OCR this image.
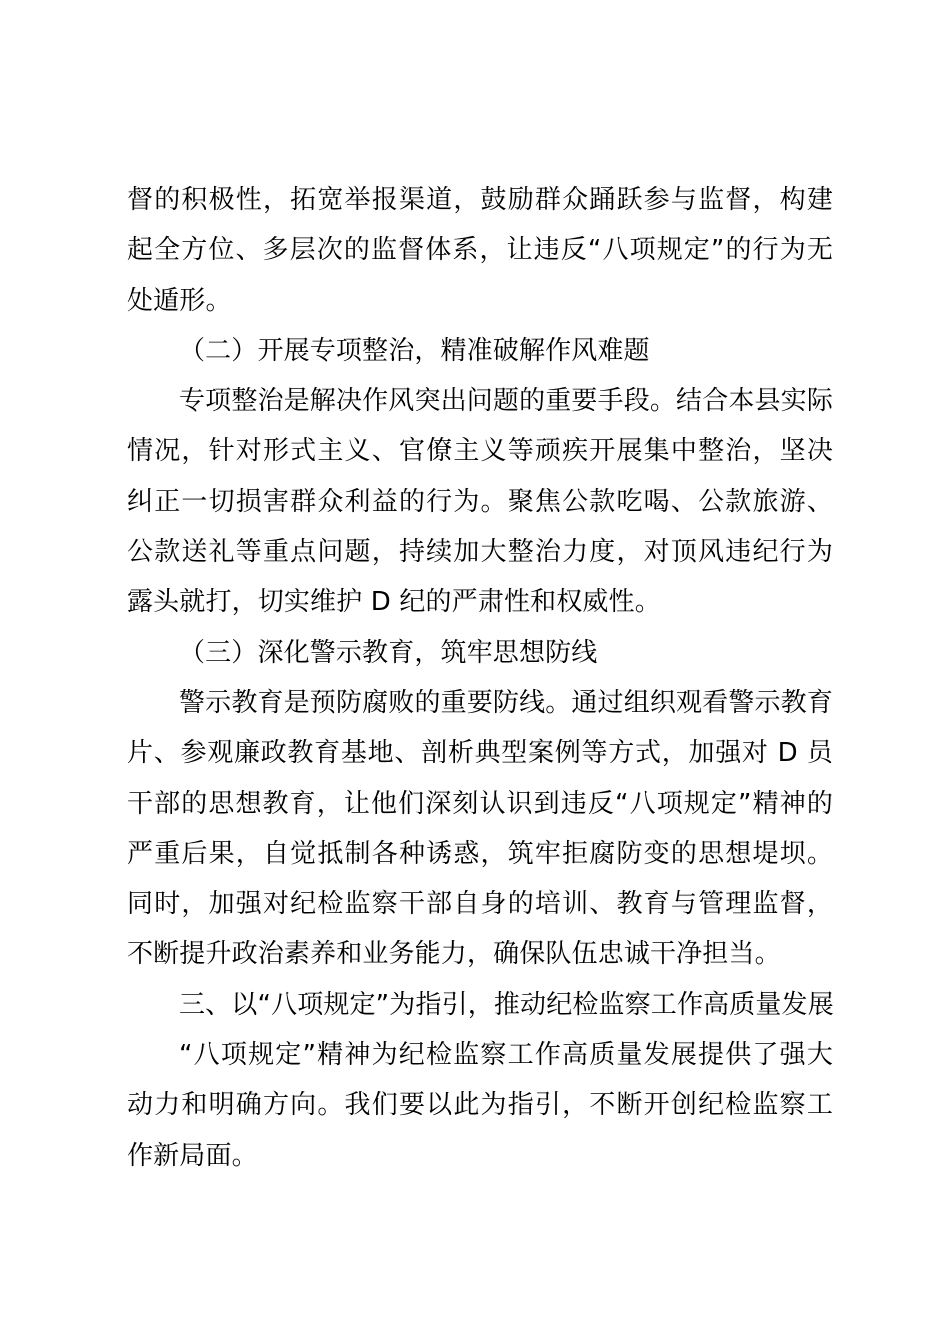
督的积极性，拓宽举报渠道，鼓励群众踊跃参与监督，构建起全方位、多层次的监督体系，让违反“八项规定”的行为无处遁形。

（二）开展专项整治，精准破解作风难题

专项整治是解决作风突出问题的重要手段。结合本县实际情况，针对形式主义、官僚主义等顽疾开展集中整治，坚决纠正一切损害群众利益的行为。聚焦公款吃喝、公款旅游、公款送礼等重点问题，持续加大整治力度，对顶风违纪行为露头就打，切实维护 D 纪的严肃性和权威性。

（三）深化警示教育，筑牢思想防线

警示教育是预防腐败的重要防线。通过组织观看警示教育片、参观廉政教育基地、剖析典型案例等方式，加强对 D 员干部的思想教育，让他们深刻认识到违反“八项规定”精神的严重后果，自觉抵制各种诱惑，筑牢拒腐防变的思想堤坝。同时，加强对纪检监察干部自身的培训、教育与管理监督，不断提升政治素养和业务能力，确保队伍忠诚干净担当。

三、以“八项规定”为指引，推动纪检监察工作高质量发展

“八项规定”精神为纪检监察工作高质量发展提供了强大动力和明确方向。我们要以此为指引，不断开创纪检监察工作新局面。
